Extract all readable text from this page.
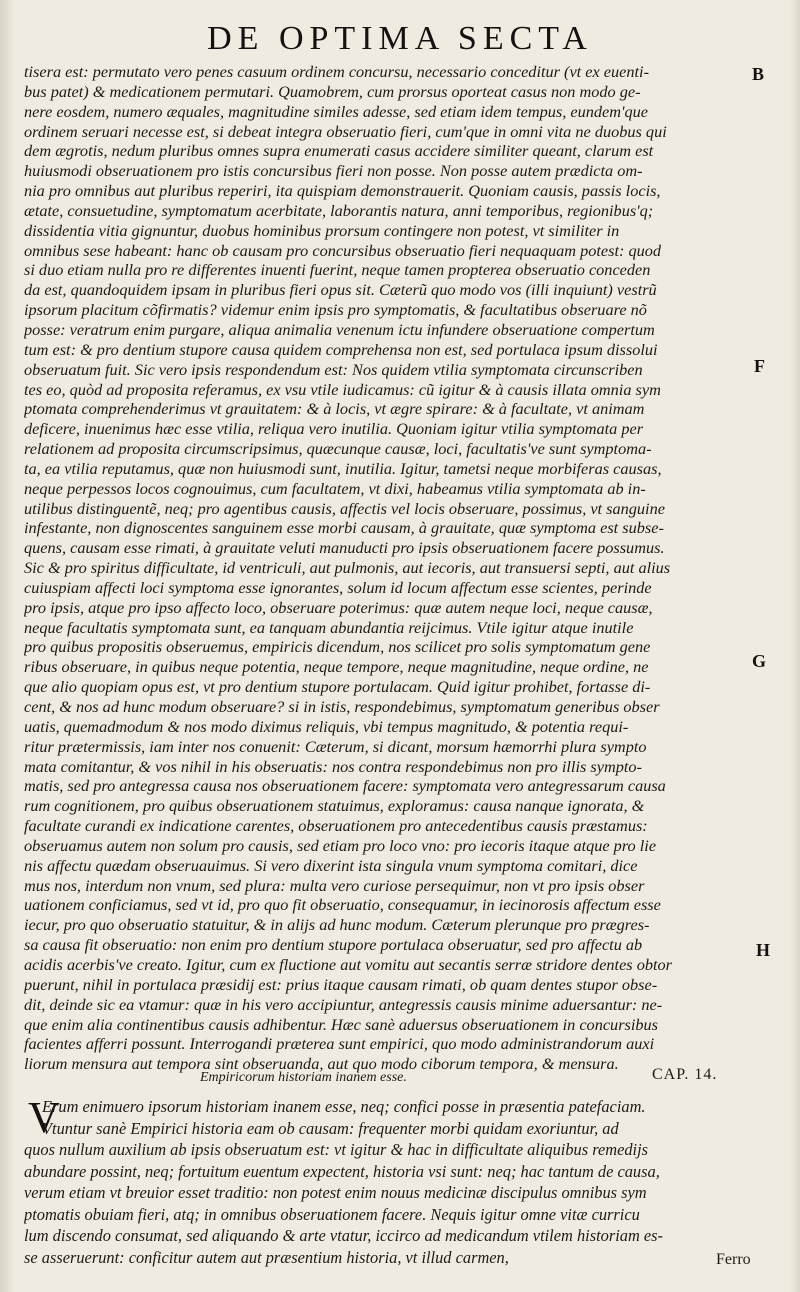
DE OPTIMA SECTA
tisera est: permutato vero penes casuum ordinem concursu, necessario conceditur (vt ex euenti-
bus patet) & medicationem permutari. Quamobrem, cum prorsus oporteat casus non modo ge-
nere eosdem, numero æquales, magnitudine similes adesse, sed etiam idem tempus, eundem'que
ordinem seruari necesse est, si debeat integra obseruatio fieri, cum'que in omni vita ne duobus qui
dem ægrotis, nedum pluribus omnes supra enumerati casus accidere similiter queant, clarum est
huiusmodi obseruationem pro istis concursibus fieri non posse. Non posse autem prædicta om-
nia pro omnibus aut pluribus reperiri, ita quispiam demonstrauerit. Quoniam causis, passis locis,
ætate, consuetudine, symptomatum acerbitate, laborantis natura, anni temporibus, regionibus'q;
dissidentia vitia gignuntur, duobus hominibus prorsum contingere non potest, vt similiter in
omnibus sese habeant: hanc ob causam pro concursibus obseruatio fieri nequaquam potest: quod
si duo etiam nulla pro re differentes inuenti fuerint, neque tamen propterea obseruatio conceden
da est, quandoquidem ipsam in pluribus fieri opus sit. Cæterũ quo modo vos (illi inquiunt) vestrũ
ipsorum placitum cõfirmatis? videmur enim ipsis pro symptomatis, & facultatibus obseruare nõ
posse: veratrum enim purgare, aliqua animalia venenum ictu infundere obseruatione compertum
tum est: & pro dentium stupore causa quidem comprehensa non est, sed portulaca ipsum dissolui
obseruatum fuit. Sic vero ipsis respondendum est: Nos quidem vtilia symptomata circunscriben
tes eo, quòd ad proposita referamus, ex vsu vtile iudicamus: cũ igitur & à causis illata omnia sym
ptomata comprehenderimus vt grauitatem: & à locis, vt ægre spirare: & à facultate, vt animam
deficere, inuenimus hæc esse vtilia, reliqua vero inutilia. Quoniam igitur vtilia symptomata per
relationem ad proposita circumscripsimus, quæcunque causæ, loci, facultatis've sunt symptoma-
ta, ea vtilia reputamus, quæ non huiusmodi sunt, inutilia. Igitur, tametsi neque morbiferas causas,
neque perpessos locos cognouimus, cum facultatem, vt dixi, habeamus vtilia symptomata ab in-
utilibus distinguentẽ, neq; pro agentibus causis, affectis vel locis obseruare, possimus, vt sanguine
infestante, non dignoscentes sanguinem esse morbi causam, à grauitate, quæ symptoma est subse-
quens, causam esse rimati, à grauitate veluti manuducti pro ipsis obseruationem facere possumus.
Sic & pro spiritus difficultate, id ventriculi, aut pulmonis, aut iecoris, aut transuersi septi, aut alius
cuiuspiam affecti loci symptoma esse ignorantes, solum id locum affectum esse scientes, perinde
pro ipsis, atque pro ipso affecto loco, obseruare poterimus: quæ autem neque loci, neque causæ,
neque facultatis symptomata sunt, ea tanquam abundantia reijcimus. Vtile igitur atque inutile
pro quibus propositis obseruemus, empiricis dicendum, nos scilicet pro solis symptomatum gene
ribus obseruare, in quibus neque potentia, neque tempore, neque magnitudine, neque ordine, ne
que alio quopiam opus est, vt pro dentium stupore portulacam. Quid igitur prohibet, fortasse di-
cent, & nos ad hunc modum obseruare? si in istis, respondebimus, symptomatum generibus obser
uatis, quemadmodum & nos modo diximus reliquis, vbi tempus magnitudo, & potentia requi-
ritur prætermissis, iam inter nos conuenit: Cæterum, si dicant, morsum hæmorrhi plura sympto
mata comitantur, & vos nihil in his obseruatis: nos contra respondebimus non pro illis sympto-
matis, sed pro antegressa causa nos obseruationem facere: symptomata vero antegressarum causa
rum cognitionem, pro quibus obseruationem statuimus, exploramus: causa nanque ignorata, &
facultate curandi ex indicatione carentes, obseruationem pro antecedentibus causis præstamus:
obseruamus autem non solum pro causis, sed etiam pro loco vno: pro iecoris itaque atque pro lie
nis affectu quædam obseruauimus. Si vero dixerint ista singula vnum symptoma comitari, dice
mus nos, interdum non vnum, sed plura: multa vero curiose persequimur, non vt pro ipsis obser
uationem conficiamus, sed vt id, pro quo fit obseruatio, consequamur, in iecinorosis affectum esse
iecur, pro quo obseruatio statuitur, & in alijs ad hunc modum. Cæterum plerunque pro prægres-
sa causa fit obseruatio: non enim pro dentium stupore portulaca obseruatur, sed pro affectu ab
acidis acerbis've creato. Igitur, cum ex fluctione aut vomitu aut secantis serræ stridore dentes obtor
puerunt, nihil in portulaca præsidij est: prius itaque causam rimati, ob quam dentes stupor obse-
dit, deinde sic ea vtamur: quæ in his vero accipiuntur, antegressis causis minime aduersantur: ne-
que enim alia continentibus causis adhibentur. Hæc sanè aduersus obseruationem in concursibus
facientes afferri possunt. Interrogandi præterea sunt empirici, quo modo administrandorum auxi
liorum mensura aut tempora sint obseruanda, aut quo modo ciborum tempora, & mensura.
B
F
G
H
Empiricorum historiam inanem esse.	CAP. 14.
V
Erum enimuero ipsorum historiam inanem esse, neq; confici posse in præsentia patefaciam.
Vtuntur sanè Empirici historia eam ob causam: frequenter morbi quidam exoriuntur, ad
quos nullum auxilium ab ipsis obseruatum est: vt igitur & hac in difficultate aliquibus remedijs
abundare possint, neq; fortuitum euentum expectent, historia vsi sunt: neq; hac tantum de causa,
verum etiam vt breuior esset traditio: non potest enim nouus medicinæ discipulus omnibus sym
ptomatis obuiam fieri, atq; in omnibus obseruationem facere. Nequis igitur omne vitæ curricu
lum discendo consumat, sed aliquando & arte vtatur, iccirco ad medicandum vtilem historiam es-
se asseruerunt: conficitur autem aut præsentium historia, vt illud carmen,	Ferro
